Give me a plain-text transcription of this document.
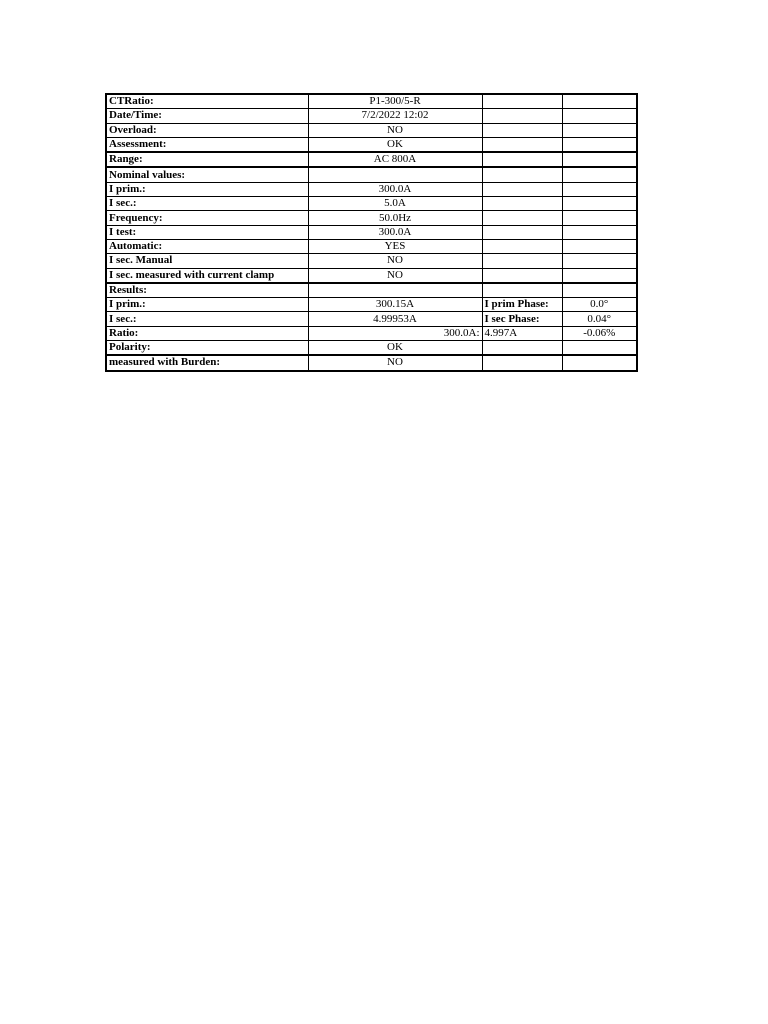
CTRatio:	P1-300/5-R		
Date/Time:	7/2/2022 12:02		
Overload:	NO		
Assessment:	OK		
Range:	AC 800A		
Nominal values:			
I prim.:	300.0A		
I sec.:	5.0A		
Frequency:	50.0Hz		
I test:	300.0A		
Automatic:	YES		
I sec. Manual	NO		
I sec. measured with current clamp	NO		
Results:			
I prim.:	300.15A	I prim Phase:	0.0°
I sec.:	4.99953A	I sec Phase:	0.04°
Ratio:	300.0A:	4.997A	-0.06%
Polarity:	OK		
measured with Burden:	NO		
